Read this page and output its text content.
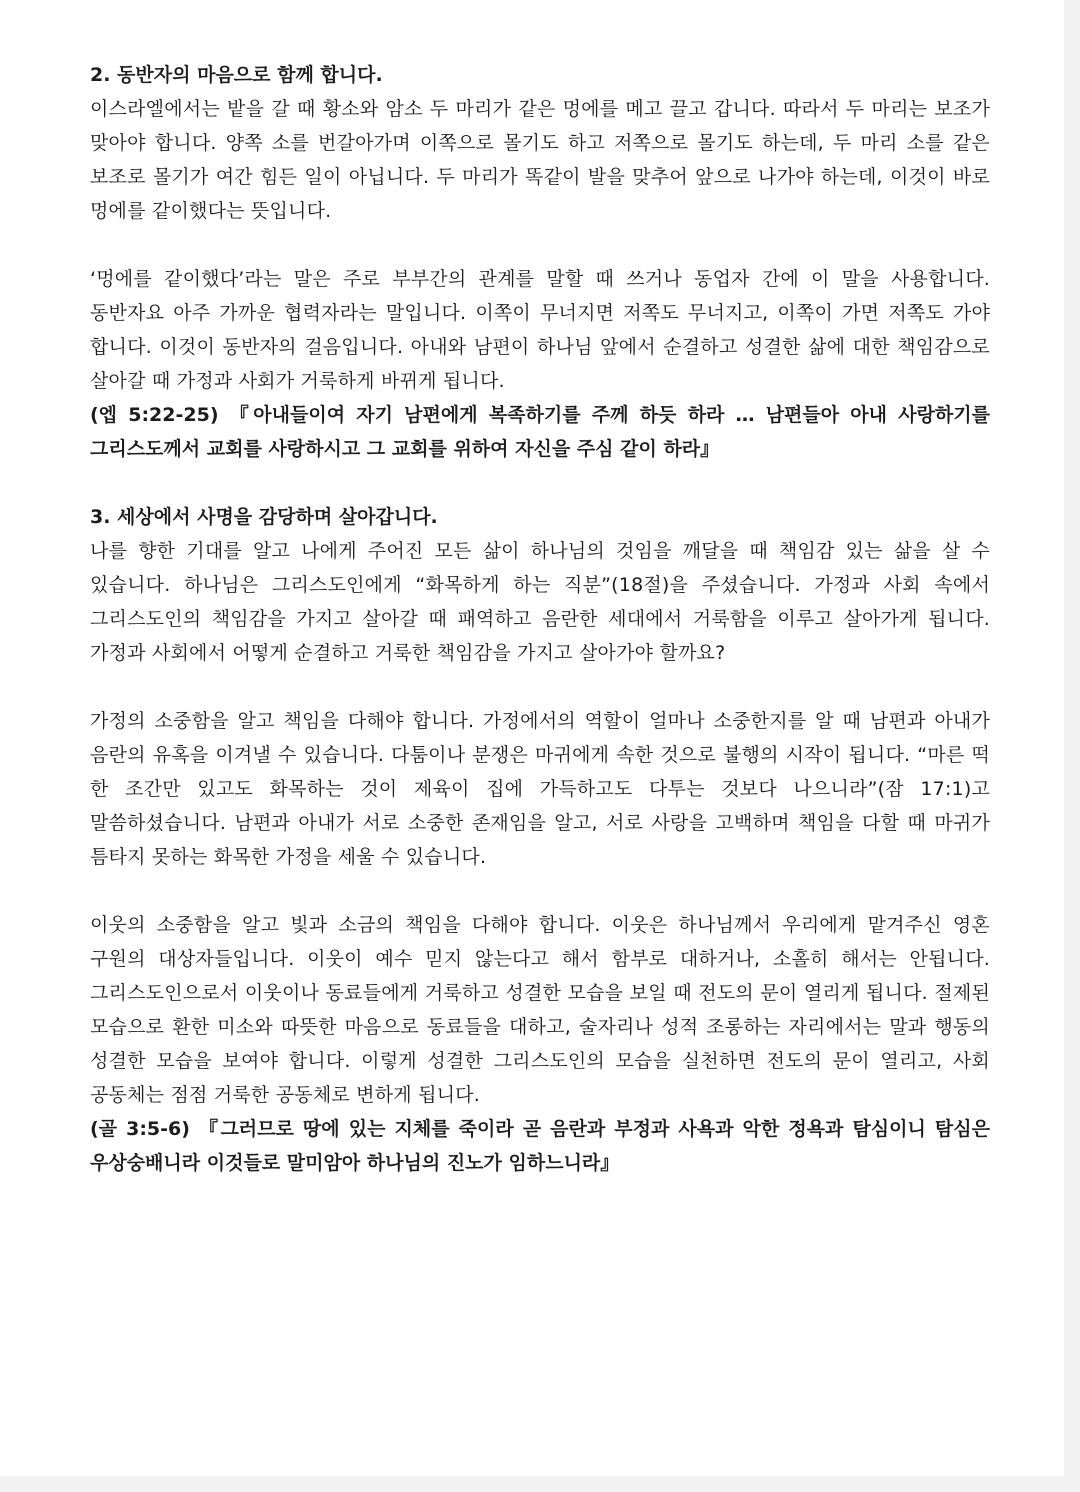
2. 동반자의 마음으로 함께 합니다.

이스라엘에서는 밭을 갈 때 황소와 암소 두 마리가 같은 멍에를 메고 끌고 갑니다. 따라서 두 마리는 보조가 맞아야 합니다. 양쪽 소를 번갈아가며 이쪽으로 몰기도 하고 저쪽으로 몰기도 하는데, 두 마리 소를 같은 보조로 몰기가 여간 힘든 일이 아닙니다. 두 마리가 똑같이 발을 맞추어 앞으로 나가야 하는데, 이것이 바로 멍에를 같이했다는 뜻입니다.

‘멍에를 같이했다’라는 말은 주로 부부간의 관계를 말할 때 쓰거나 동업자 간에 이 말을 사용합니다. 동반자요 아주 가까운 협력자라는 말입니다. 이쪽이 무너지면 저쪽도 무너지고, 이쪽이 가면 저쪽도 가야 합니다. 이것이 동반자의 걸음입니다. 아내와 남편이 하나님 앞에서 순결하고 성결한 삶에 대한 책임감으로 살아갈 때 가정과 사회가 거룩하게 바뀌게 됩니다.

(엡 5:22-25) 『아내들이여 자기 남편에게 복족하기를 주께 하듯 하라 … 남편들아 아내 사랑하기를 그리스도께서 교회를 사랑하시고 그 교회를 위하여 자신을 주심 같이 하라』

3. 세상에서 사명을 감당하며 살아갑니다.

나를 향한 기대를 알고 나에게 주어진 모든 삶이 하나님의 것임을 깨달을 때 책임감 있는 삶을 살 수 있습니다. 하나님은 그리스도인에게 “화목하게 하는 직분”(18절)을 주셨습니다. 가정과 사회 속에서 그리스도인의 책임감을 가지고 살아갈 때 패역하고 음란한 세대에서 거룩함을 이루고 살아가게 됩니다. 가정과 사회에서 어떻게 순결하고 거룩한 책임감을 가지고 살아가야 할까요?

가정의 소중함을 알고 책임을 다해야 합니다. 가정에서의 역할이 얼마나 소중한지를 알 때 남편과 아내가 음란의 유혹을 이겨낼 수 있습니다. 다툼이나 분쟁은 마귀에게 속한 것으로 불행의 시작이 됩니다. “마른 떡 한 조간만 있고도 화목하는 것이 제육이 집에 가득하고도 다투는 것보다 나으니라”(잠 17:1)고 말씀하셨습니다. 남편과 아내가 서로 소중한 존재임을 알고, 서로 사랑을 고백하며 책임을 다할 때 마귀가 틈타지 못하는 화목한 가정을 세울 수 있습니다.

이웃의 소중함을 알고 빛과 소금의 책임을 다해야 합니다. 이웃은 하나님께서 우리에게 맡겨주신 영혼 구원의 대상자들입니다. 이웃이 예수 믿지 않는다고 해서 함부로 대하거나, 소홀히 해서는 안됩니다. 그리스도인으로서 이웃이나 동료들에게 거룩하고 성결한 모습을 보일 때 전도의 문이 열리게 됩니다. 절제된 모습으로 환한 미소와 따뜻한 마음으로 동료들을 대하고, 술자리나 성적 조롱하는 자리에서는 말과 행동의 성결한 모습을 보여야 합니다. 이렇게 성결한 그리스도인의 모습을 실천하면 전도의 문이 열리고, 사회 공동체는 점점 거룩한 공동체로 변하게 됩니다.

(골 3:5-6) 『그러므로 땅에 있는 지체를 죽이라 곧 음란과 부정과 사욕과 악한 정욕과 탐심이니 탐심은 우상숭배니라 이것들로 말미암아 하나님의 진노가 임하느니라』
